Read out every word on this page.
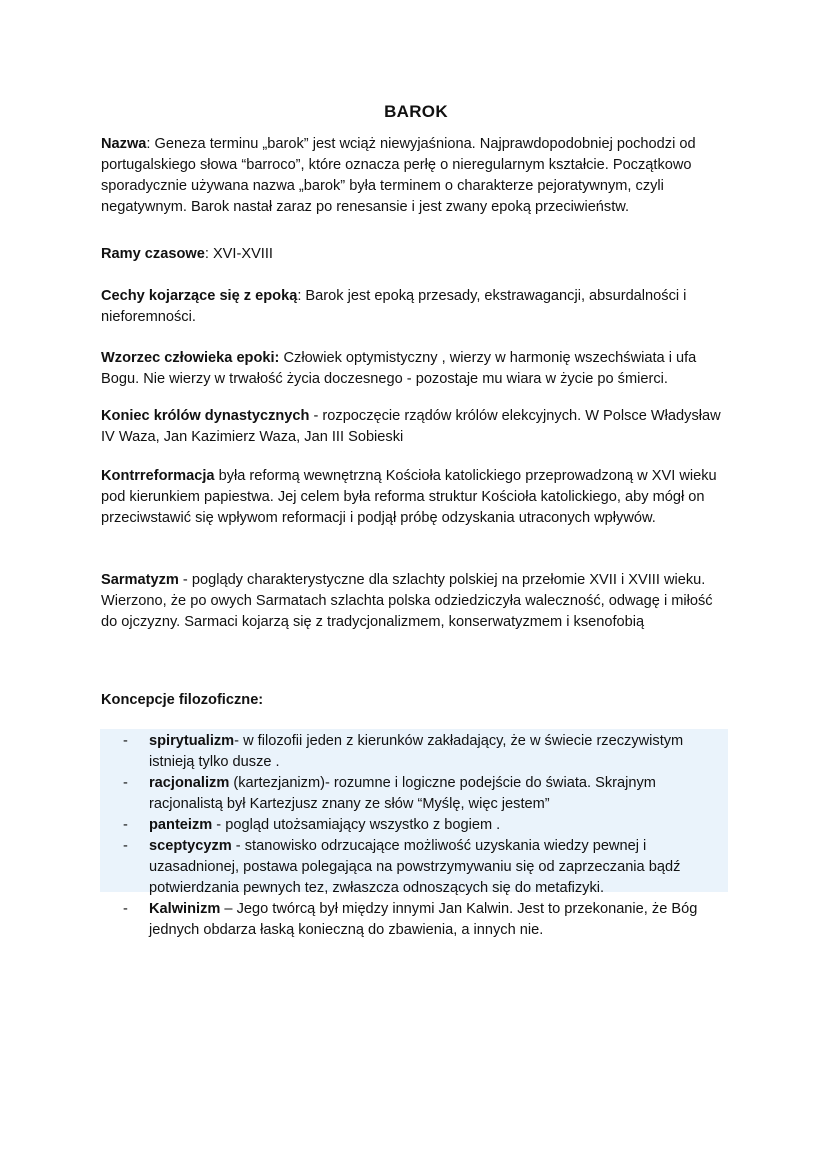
BAROK

Nazwa: Geneza terminu „barok” jest wciąż niewyjaśniona. Najprawdopodobniej pochodzi od portugalskiego słowa “barroco”, które oznacza perłę o nieregularnym kształcie. Początkowo sporadycznie używana nazwa „barok” była terminem o charakterze pejoratywnym, czyli negatywnym. Barok nastał zaraz po renesansie i jest zwany epoką przeciwieństw.

Ramy czasowe: XVI-XVIII

Cechy kojarzące się z epoką: Barok jest epoką przesady, ekstrawagancji, absurdalności i nieforemności.

Wzorzec człowieka epoki: Człowiek optymistyczny , wierzy w harmonię wszechświata i ufa Bogu. Nie wierzy w trwałość życia doczesnego - pozostaje mu wiara w życie po śmierci.

Koniec królów dynastycznych - rozpoczęcie rządów królów elekcyjnych. W Polsce Władysław IV Waza, Jan Kazimierz Waza, Jan III Sobieski

Kontrreformacja była reformą wewnętrzną Kościoła katolickiego przeprowadzoną w XVI wieku pod kierunkiem papiestwa. Jej celem była reforma struktur Kościoła katolickiego, aby mógł on przeciwstawić się wpływom reformacji i podjął próbę odzyskania utraconych wpływów.

Sarmatyzm - poglądy charakterystyczne dla szlachty polskiej na przełomie XVII i XVIII wieku. Wierzono, że po owych Sarmatach szlachta polska odziedziczyła waleczność, odwagę i miłość do ojczyzny. Sarmaci kojarzą się z tradycjonalizmem, konserwatyzmem i ksenofobią

Koncepcje filozoficzne:

- spirytualizm- w filozofii jeden z kierunków zakładający, że w świecie rzeczywistym istnieją tylko dusze .
- racjonalizm (kartezjanizm)- rozumne i logiczne podejście do świata. Skrajnym racjonalistą był Kartezjusz znany ze słów “Myślę, więc jestem”
- panteizm - pogląd utożsamiający wszystko z bogiem .
- sceptycyzm - stanowisko odrzucające możliwość uzyskania wiedzy pewnej i uzasadnionej, postawa polegająca na powstrzymywaniu się od zaprzeczania bądź potwierdzania pewnych tez, zwłaszcza odnoszących się do metafizyki.
- Kalwinizm – Jego twórcą był między innymi Jan Kalwin. Jest to przekonanie, że Bóg jednych obdarza łaską konieczną do zbawienia, a innych nie.
